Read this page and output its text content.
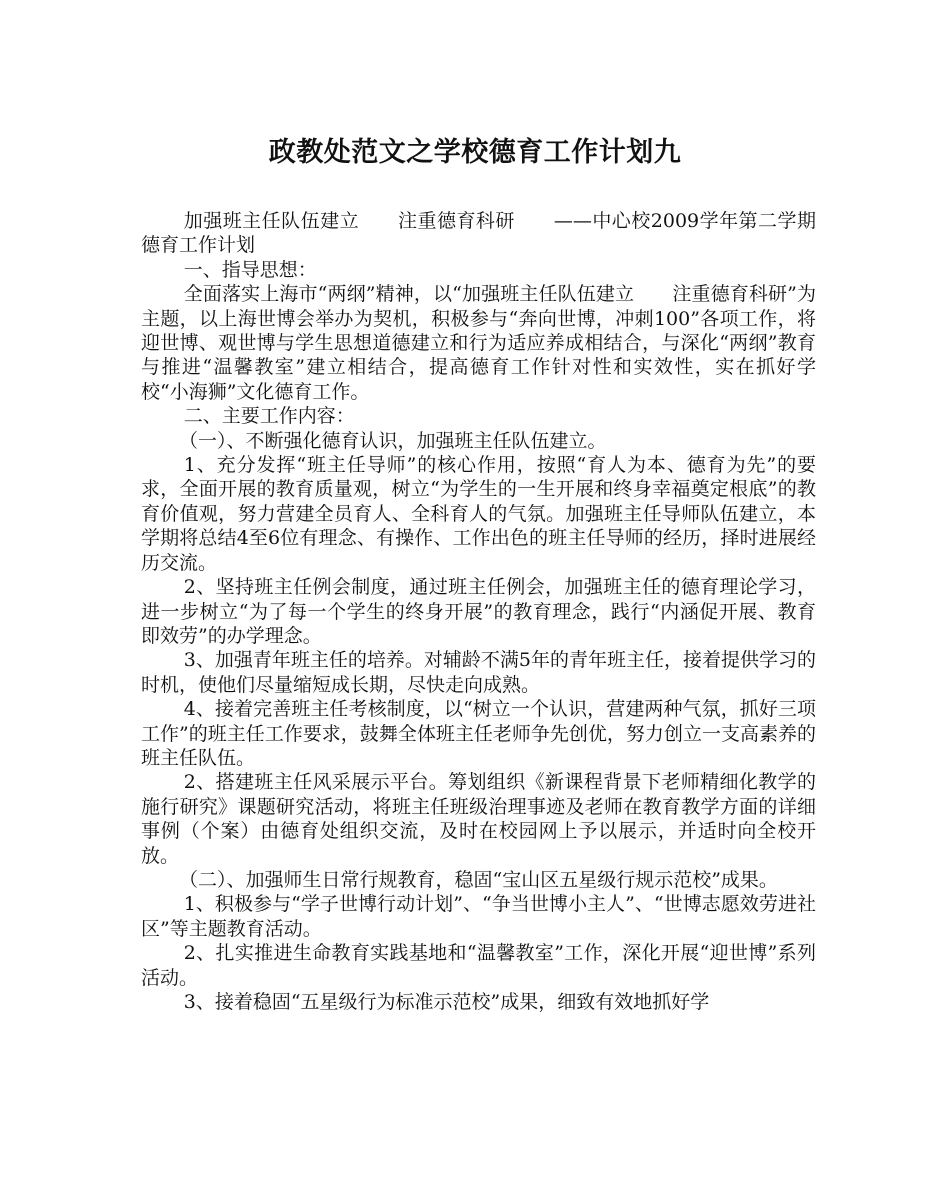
政教处范文之学校德育工作计划九

加强班主任队伍建立　　注重德育科研　　——中心校2009学年第二学期德育工作计划

一、指导思想：

全面落实上海市“两纲”精神，以“加强班主任队伍建立　　注重德育科研”为主题，以上海世博会举办为契机，积极参与“奔向世博，冲刺100”各项工作，将迎世博、观世博与学生思想道德建立和行为适应养成相结合，与深化“两纲”教育与推进“温馨教室”建立相结合，提高德育工作针对性和实效性，实在抓好学校“小海狮”文化德育工作。

二、主要工作内容：

（一）、不断强化德育认识，加强班主任队伍建立。

1、充分发挥“班主任导师”的核心作用，按照“育人为本、德育为先”的要求，全面开展的教育质量观，树立“为学生的一生开展和终身幸福奠定根底”的教育价值观，努力营建全员育人、全科育人的气氛。加强班主任导师队伍建立，本学期将总结4至6位有理念、有操作、工作出色的班主任导师的经历，择时进展经历交流。

2、坚持班主任例会制度，通过班主任例会，加强班主任的德育理论学习，进一步树立“为了每一个学生的终身开展”的教育理念，践行“内涵促开展、教育即效劳”的办学理念。

3、加强青年班主任的培养。对辅龄不满5年的青年班主任，接着提供学习的时机，使他们尽量缩短成长期，尽快走向成熟。

4、接着完善班主任考核制度，以“树立一个认识，营建两种气氛，抓好三项工作”的班主任工作要求，鼓舞全体班主任老师争先创优，努力创立一支高素养的班主任队伍。

2、搭建班主任风采展示平台。筹划组织《新课程背景下老师精细化教学的施行研究》课题研究活动，将班主任班级治理事迹及老师在教育教学方面的详细事例（个案）由德育处组织交流，及时在校园网上予以展示，并适时向全校开放。

（二）、加强师生日常行规教育，稳固“宝山区五星级行规示范校”成果。

1、积极参与“学子世博行动计划”、“争当世博小主人”、“世博志愿效劳进社区”等主题教育活动。

2、扎实推进生命教育实践基地和“温馨教室”工作，深化开展“迎世博”系列活动。

3、接着稳固“五星级行为标准示范校”成果，细致有效地抓好学
